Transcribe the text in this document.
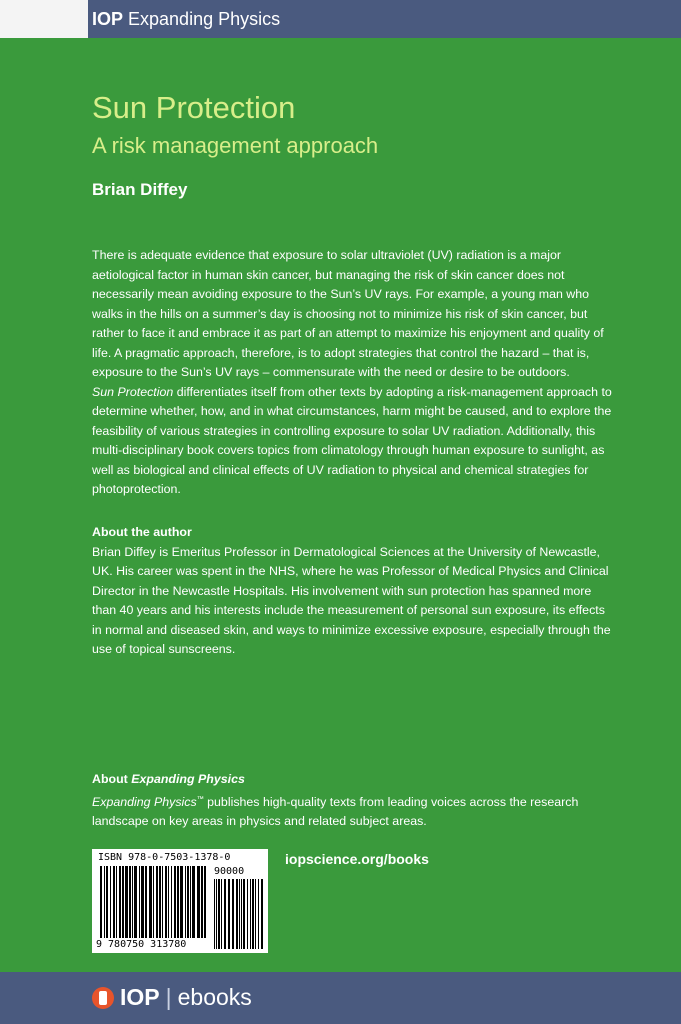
IOP Expanding Physics
Sun Protection
A risk management approach
Brian Diffey
There is adequate evidence that exposure to solar ultraviolet (UV) radiation is a major aetiological factor in human skin cancer, but managing the risk of skin cancer does not necessarily mean avoiding exposure to the Sun’s UV rays. For example, a young man who walks in the hills on a summer’s day is choosing not to minimize his risk of skin cancer, but rather to face it and embrace it as part of an attempt to maximize his enjoyment and quality of life. A pragmatic approach, therefore, is to adopt strategies that control the hazard – that is, exposure to the Sun’s UV rays – commensurate with the need or desire to be outdoors.
Sun Protection differentiates itself from other texts by adopting a risk-management approach to determine whether, how, and in what circumstances, harm might be caused, and to explore the feasibility of various strategies in controlling exposure to solar UV radiation. Additionally, this multi-disciplinary book covers topics from climatology through human exposure to sunlight, as well as biological and clinical effects of UV radiation to physical and chemical strategies for photoprotection.
About the author
Brian Diffey is Emeritus Professor in Dermatological Sciences at the University of Newcastle, UK. His career was spent in the NHS, where he was Professor of Medical Physics and Clinical Director in the Newcastle Hospitals. His involvement with sun protection has spanned more than 40 years and his interests include the measurement of personal sun exposure, its effects in normal and diseased skin, and ways to minimize excessive exposure, especially through the use of topical sunscreens.
About Expanding Physics
Expanding Physics™ publishes high-quality texts from leading voices across the research landscape on key areas in physics and related subject areas.
ISBN 978-0-7503-1378-0
90000
9 780750 313780
iopscience.org/books
IOP | ebooks
